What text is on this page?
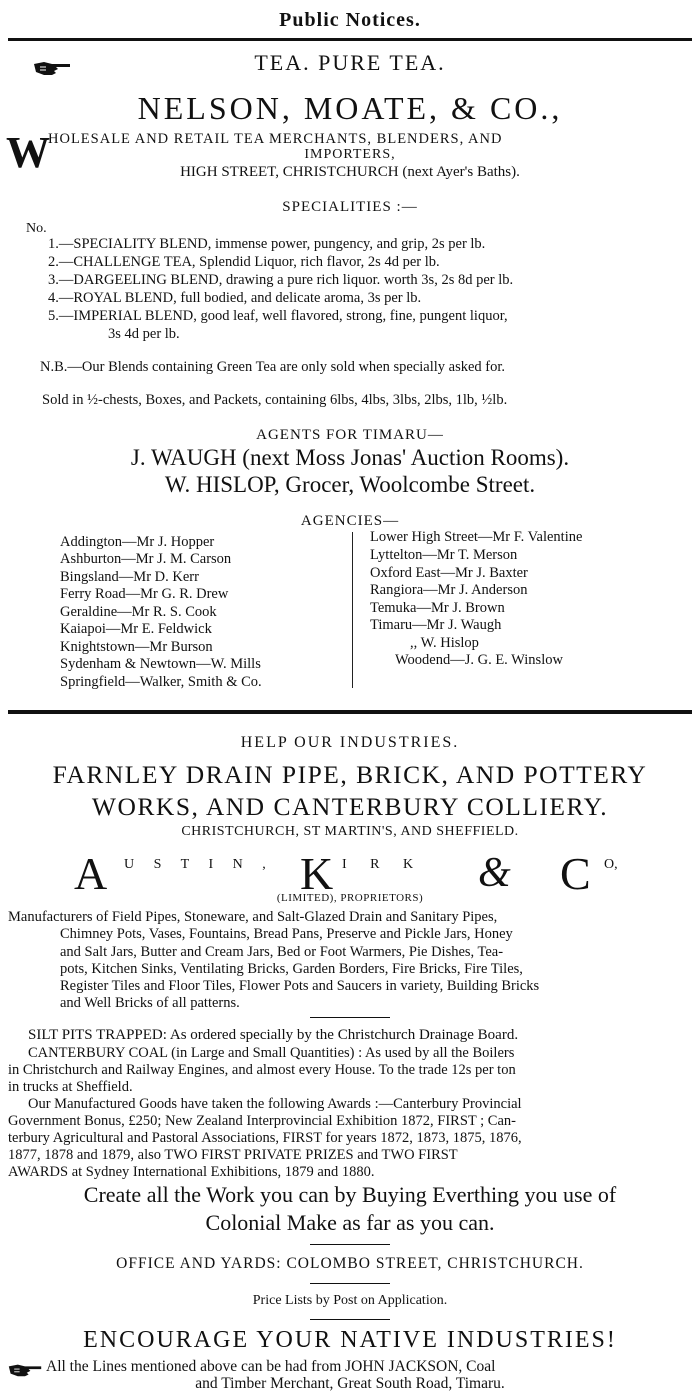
Public Notices.
TEA. PURE TEA.
NELSON, MOATE, & CO.,
W
HOLESALE AND RETAIL TEA MERCHANTS, BLENDERS, AND
IMPORTERS,
HIGH STREET, CHRISTCHURCH (next Ayer's Baths).
SPECIALITIES :—
No.
1.—SPECIALITY BLEND, immense power, pungency, and grip, 2s per lb.
2.—CHALLENGE TEA, Splendid Liquor, rich flavor, 2s 4d per lb.
3.—DARGEELING BLEND, drawing a pure rich liquor. worth 3s, 2s 8d per lb.
4.—ROYAL BLEND, full bodied, and delicate aroma, 3s per lb.
5.—IMPERIAL BLEND, good leaf, well flavored, strong, fine, pungent liquor,
3s 4d per lb.
N.B.—Our Blends containing Green Tea are only sold when specially asked for.
Sold in ½-chests, Boxes, and Packets, containing 6lbs, 4lbs, 3lbs, 2lbs, 1lb, ½lb.
AGENTS FOR TIMARU—
J. WAUGH (next Moss Jonas' Auction Rooms).
W. HISLOP, Grocer, Woolcombe Street.
AGENCIES—
Addington—Mr J. Hopper
Ashburton—Mr J. M. Carson
Bingsland—Mr D. Kerr
Ferry Road—Mr G. R. Drew
Geraldine—Mr R. S. Cook
Kaiapoi—Mr E. Feldwick
Knightstown—Mr Burson
Sydenham & Newtown—W. Mills
Springfield—Walker, Smith & Co.
Lower High Street—Mr F. Valentine
Lyttelton—Mr T. Merson
Oxford East—Mr J. Baxter
Rangiora—Mr J. Anderson
Temuka—Mr J. Brown
Timaru—Mr J. Waugh
,, W. Hislop
Woodend—J. G. E. Winslow
HELP OUR INDUSTRIES.
FARNLEY DRAIN PIPE, BRICK, AND POTTERY
WORKS, AND CANTERBURY COLLIERY.
CHRISTCHURCH, ST MARTIN'S, AND SHEFFIELD.
A U S T I N , K I R K & C O,
(LIMITED), PROPRIETORS)
Manufacturers of Field Pipes, Stoneware, and Salt-Glazed Drain and Sanitary Pipes,
Chimney Pots, Vases, Fountains, Bread Pans, Preserve and Pickle Jars, Honey
and Salt Jars, Butter and Cream Jars, Bed or Foot Warmers, Pie Dishes, Tea-
pots, Kitchen Sinks, Ventilating Bricks, Garden Borders, Fire Bricks, Fire Tiles,
Register Tiles and Floor Tiles, Flower Pots and Saucers in variety, Building Bricks
and Well Bricks of all patterns.
SILT PITS TRAPPED: As ordered specially by the Christchurch Drainage Board.
CANTERBURY COAL (in Large and Small Quantities) : As used by all the Boilers
in Christchurch and Railway Engines, and almost every House. To the trade 12s per ton
in trucks at Sheffield.
Our Manufactured Goods have taken the following Awards :—Canterbury Provincial
Government Bonus, £250; New Zealand Interprovincial Exhibition 1872, FIRST ; Can-
terbury Agricultural and Pastoral Associations, FIRST for years 1872, 1873, 1875, 1876,
1877, 1878 and 1879, also TWO FIRST PRIVATE PRIZES and TWO FIRST
AWARDS at Sydney International Exhibitions, 1879 and 1880.
Create all the Work you can by Buying Everthing you use of
Colonial Make as far as you can.
OFFICE AND YARDS: COLOMBO STREET, CHRISTCHURCH.
Price Lists by Post on Application.
ENCOURAGE YOUR NATIVE INDUSTRIES!
All the Lines mentioned above can be had from JOHN JACKSON, Coal
and Timber Merchant, Great South Road, Timaru.
